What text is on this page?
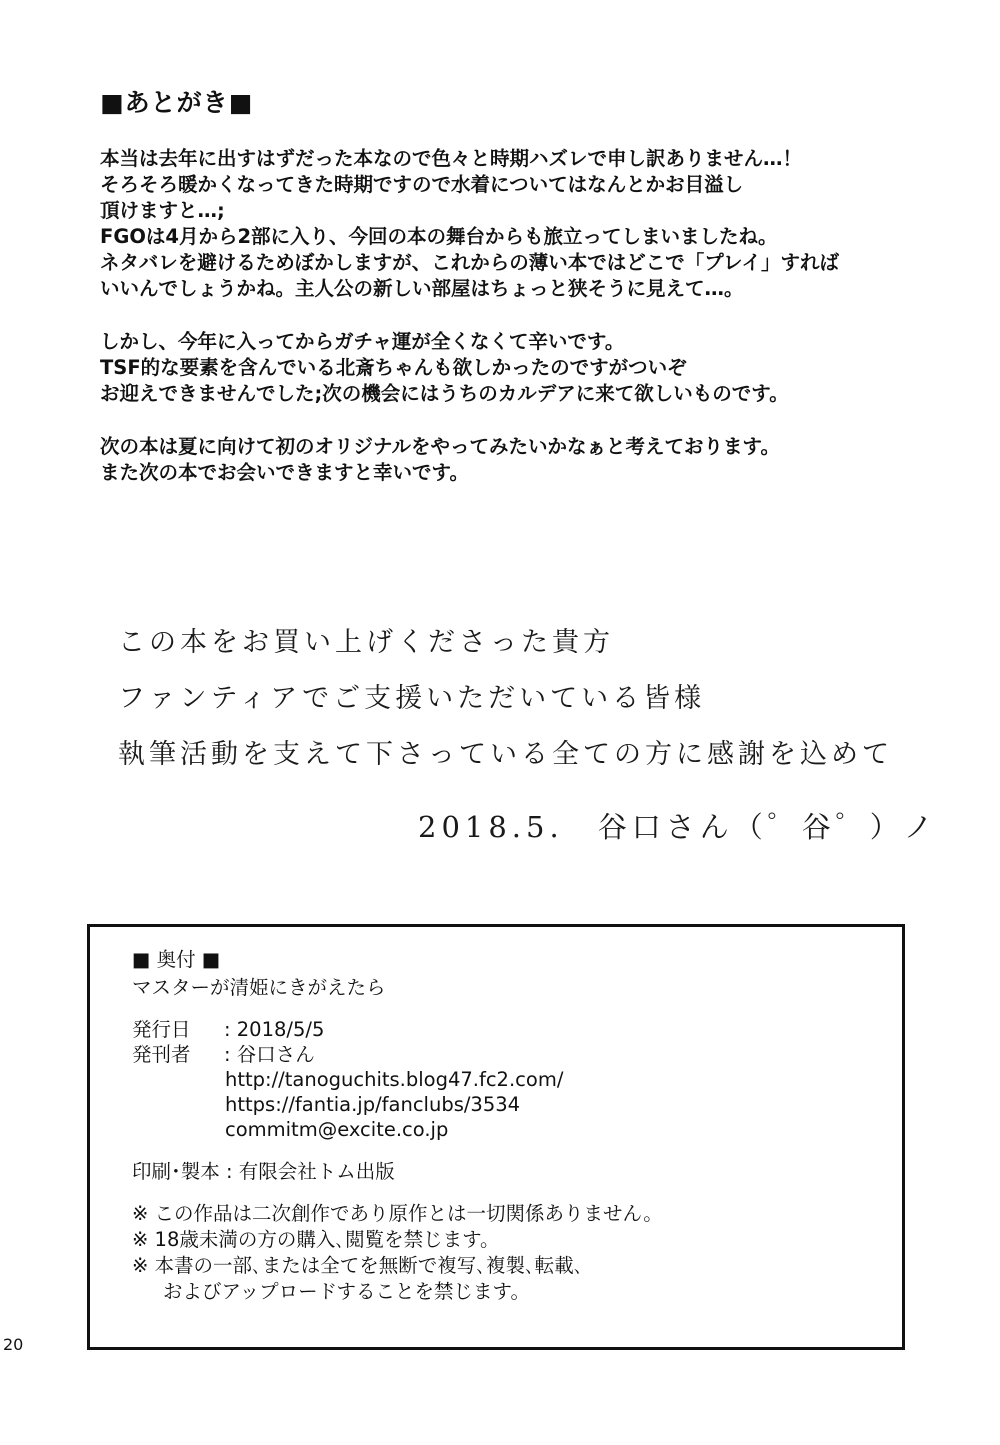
■あとがき■
本当は去年に出すはずだった本なので色々と時期ハズレで申し訳ありません…！
そろそろ暖かくなってきた時期ですので水着についてはなんとかお目溢し
頂けますと…;
FGOは4月から2部に入り、今回の本の舞台からも旅立ってしまいましたね。
ネタバレを避けるためぼかしますが、これからの薄い本ではどこで「プレイ」すれば
いいんでしょうかね。主人公の新しい部屋はちょっと狭そうに見えて…。
しかし、今年に入ってからガチャ運が全くなくて辛いです。
TSF的な要素を含んでいる北斎ちゃんも欲しかったのですがついぞ
お迎えできませんでした;次の機会にはうちのカルデアに来て欲しいものです。
次の本は夏に向けて初のオリジナルをやってみたいかなぁと考えております。
また次の本でお会いできますと幸いです。
この本をお買い上げくださった貴方
ファンティアでご支援いただいている皆様
執筆活動を支えて下さっている全ての方に感謝を込めて
2018.5.　谷口さん（゜谷゜）ノ
■ 奥付 ■
マスターが清姫にきがえたら
発行日	: 2018/5/5
発刊者	: 谷口さん
http://tanoguchits.blog47.fc2.com/
https://fantia.jp/fanclubs/3534
commitm@excite.co.jp
印刷･製本 : 有限会社トム出版
※ この作品は二次創作であり原作とは一切関係ありません。
※ 18歳未満の方の購入､閲覧を禁じます。
※ 本書の一部､または全てを無断で複写､複製､転載､
およびアップロードすることを禁じます。
20
